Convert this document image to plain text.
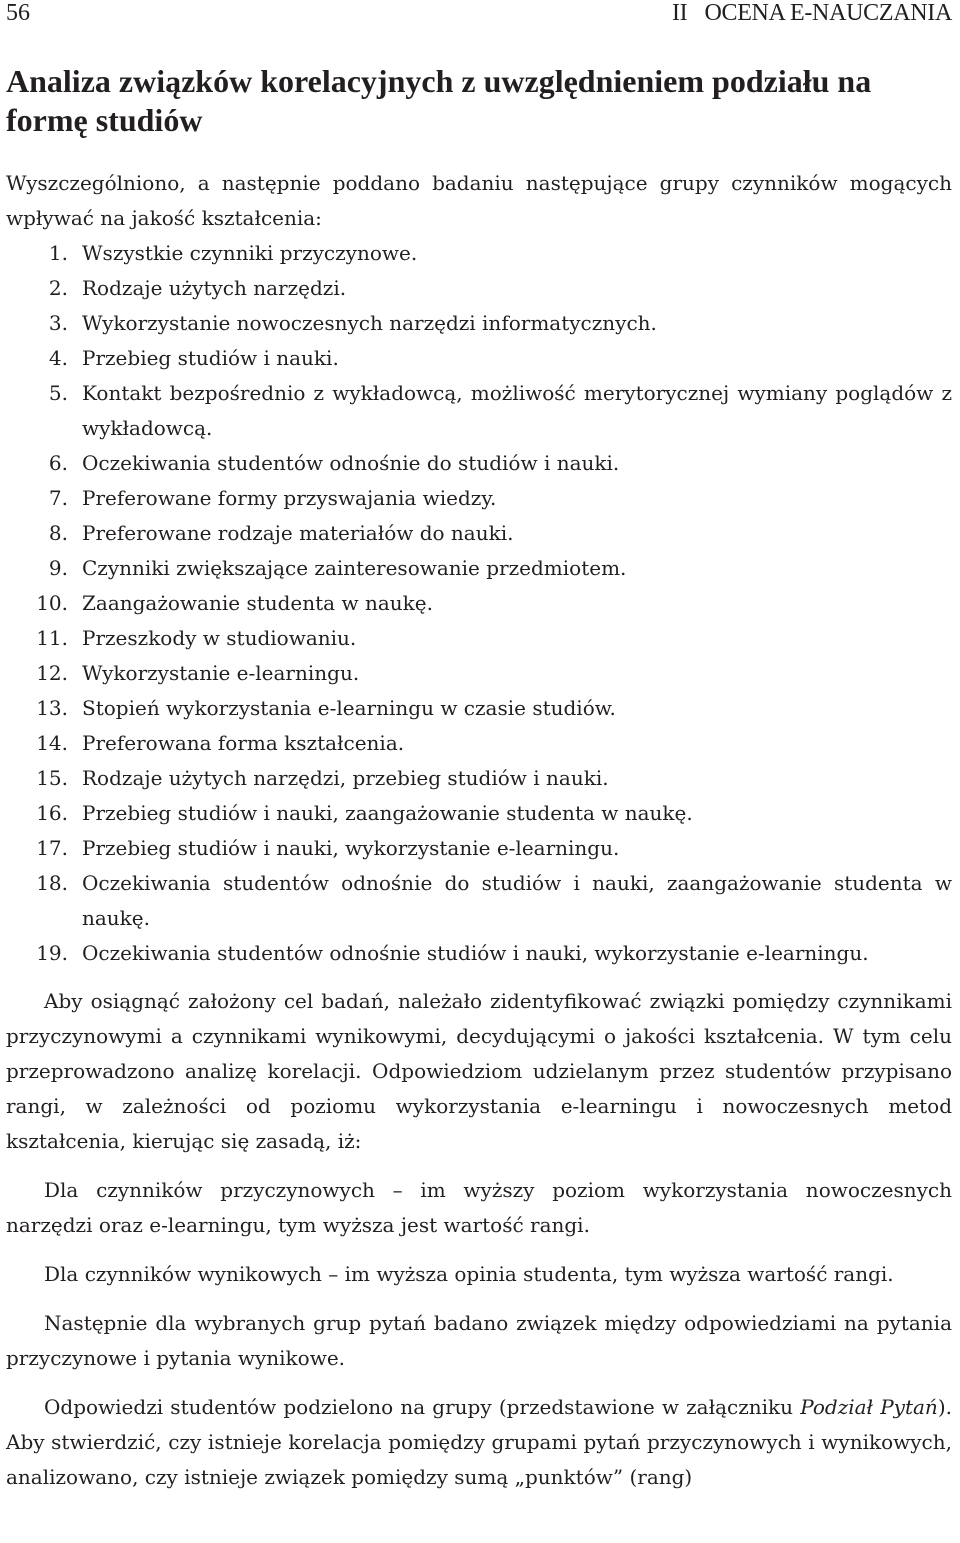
56	II   OCENA E-NAUCZANIA
Analiza związków korelacyjnych z uwzględnieniem podziału na formę studiów

Wyszczególniono, a następnie poddano badaniu następujące grupy czynników mogących wpływać na jakość kształcenia:

1. Wszystkie czynniki przyczynowe.
2. Rodzaje użytych narzędzi.
3. Wykorzystanie nowoczesnych narzędzi informatycznych.
4. Przebieg studiów i nauki.
5. Kontakt bezpośrednio z wykładowcą, możliwość merytorycznej wymiany poglądów z wykładowcą.
6. Oczekiwania studentów odnośnie do studiów i nauki.
7. Preferowane formy przyswajania wiedzy.
8. Preferowane rodzaje materiałów do nauki.
9. Czynniki zwiększające zainteresowanie przedmiotem.
10. Zaangażowanie studenta w naukę.
11. Przeszkody w studiowaniu.
12. Wykorzystanie e-learningu.
13. Stopień wykorzystania e-learningu w czasie studiów.
14. Preferowana forma kształcenia.
15. Rodzaje użytych narzędzi, przebieg studiów i nauki.
16. Przebieg studiów i nauki, zaangażowanie studenta w naukę.
17. Przebieg studiów i nauki, wykorzystanie e-learningu.
18. Oczekiwania studentów odnośnie do studiów i nauki, zaangażowanie studenta w naukę.
19. Oczekiwania studentów odnośnie studiów i nauki, wykorzystanie e-learningu.

Aby osiągnąć założony cel badań, należało zidentyfikować związki pomiędzy czynnikami przyczynowymi a czynnikami wynikowymi, decydującymi o jakości kształcenia. W tym celu przeprowadzono analizę korelacji. Odpowiedziom udzielanym przez studentów przypisano rangi, w zależności od poziomu wykorzystania e-learningu i nowoczesnych metod kształcenia, kierując się zasadą, iż:

Dla czynników przyczynowych – im wyższy poziom wykorzystania nowoczesnych narzędzi oraz e-learningu, tym wyższa jest wartość rangi.

Dla czynników wynikowych – im wyższa opinia studenta, tym wyższa wartość rangi.

Następnie dla wybranych grup pytań badano związek między odpowiedziami na pytania przyczynowe i pytania wynikowe.

Odpowiedzi studentów podzielono na grupy (przedstawione w załączniku Podział Pytań). Aby stwierdzić, czy istnieje korelacja pomiędzy grupami pytań przyczynowych i wynikowych, analizowano, czy istnieje związek pomiędzy sumą „punktów” (rang)
